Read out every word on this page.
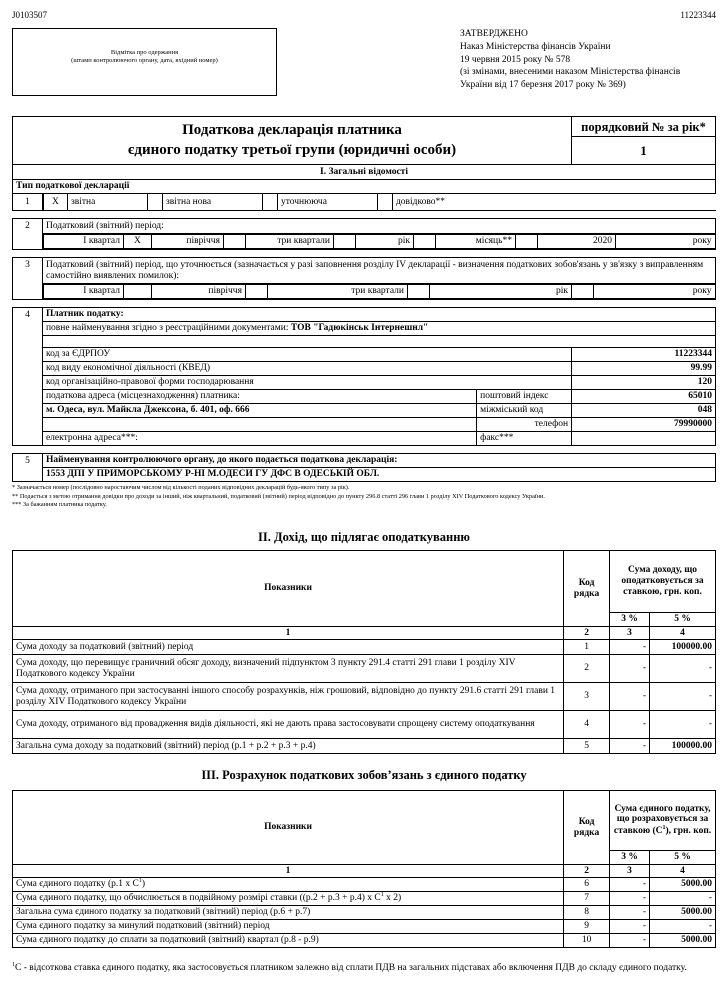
J0103507	11223344
Відмітка про одержання
(штамп контролюючого органу, дата, вхідний номер)
ЗАТВЕРДЖЕНО
Наказ Міністерства фінансів України
19 червня 2015 року № 578
(зі змінами, внесеними наказом Міністерства фінансів
України від 17 березня 2017 року № 369)
Податкова декларація платника
єдиного податку третьої групи (юридичні особи)

порядковий № за рік*
1

I. Загальні відомості
Тип податкової декларації
1	X	звітна		звітна нова		уточнююча		довідково**

2	Податковий (звітний) період:

І квартал	X	півріччя		три квартали		рік		місяць**		2020	року

3	Податковий (звітний) період, що уточнюється (зазначається у разі заповнення розділу IV декларації - визначення податкових зобов'язань у зв'язку з виправленням самостійно виявлених помилок):

І квартал		півріччя		три квартали		рік		року

4	Платник податку:
повне найменування згідно з реєстраційними документами: ТОВ "Гадюкінськ Інтернешнл"

код за ЄДРПОУ	11223344
код виду економічної діяльності (КВЕД)	99.99
код організаційно-правової форми господарювання	120
податкова адреса (місцезнаходження) платника:	поштовий індекс	65010
м. Одеса, вул. Майкла Джексона, б. 401, оф. 666	міжміський код	048
	телефон	79990000
електронна адреса***:	факс***	

5	Найменування контролюючого органу, до якого подається податкова декларація:
1553 ДПІ У ПРИМОРСЬКОМУ Р-НІ М.ОДЕСИ ГУ ДФС В ОДЕСЬКІЙ ОБЛ.
* Зазначається номер (послідовно наростаючим числом від кількості поданих відповідних декларацій будь-якого типу за рік).
** Подається з метою отримання довідки про доходи за інший, ніж квартальний, податковий (звітний) період відповідно до пункту 296.8 статті 296 глави 1 розділу XIV Податкового кодексу України.
*** За бажанням платника податку.
II. Дохід, що підлягає оподаткуванню
Показники	Код рядка	Сума доходу, що оподатковується за ставкою, грн. коп.	
		3 %	5 %
1	2	3	4
Сума доходу за податковий (звітний) період	1	-	100000.00
Сума доходу, що перевищує граничний обсяг доходу, визначений підпунктом 3 пункту 291.4 статті 291 глави 1 розділу XIV Податкового кодексу України	2	-	-
Сума доходу, отриманого при застосуванні іншого способу розрахунків, ніж грошовий, відповідно до пункту 291.6 статті 291 глави 1 розділу XIV Податкового кодексу України	3	-	-
Сума доходу, отриманого від провадження видів діяльності, які не дають права застосовувати спрощену систему оподаткування	4	-	-
Загальна сума доходу за податковий (звітний) період (р.1 + р.2 + р.3 + р.4)	5	-	100000.00
III. Розрахунок податкових зобов’язань з єдиного податку
Показники	Код рядка	Сума єдиного податку, що розраховується за ставкою $(С^1)$, грн. коп.	
		3 %	5 %
1	2	3	4
Сума єдиного податку (р.1 x $С^1$)	6	-	5000.00
Сума єдиного податку, що обчислюється в подвійному розмірі ставки ((р.2 + р.3 + р.4) x $С^1$ x 2)	7	-	-
Загальна сума єдиного податку за податковий (звітний) період (р.6 + р.7)	8	-	5000.00
Сума єдиного податку за минулий податковий (звітний) період	9	-	-
Сума єдиного податку до сплати за податковий (звітний) квартал (р.8 - р.9)	10	-	5000.00
$^1$С - відсоткова ставка єдиного податку, яка застосовується платником залежно від сплати ПДВ на загальних підставах або включення ПДВ до складу єдиного податку.
